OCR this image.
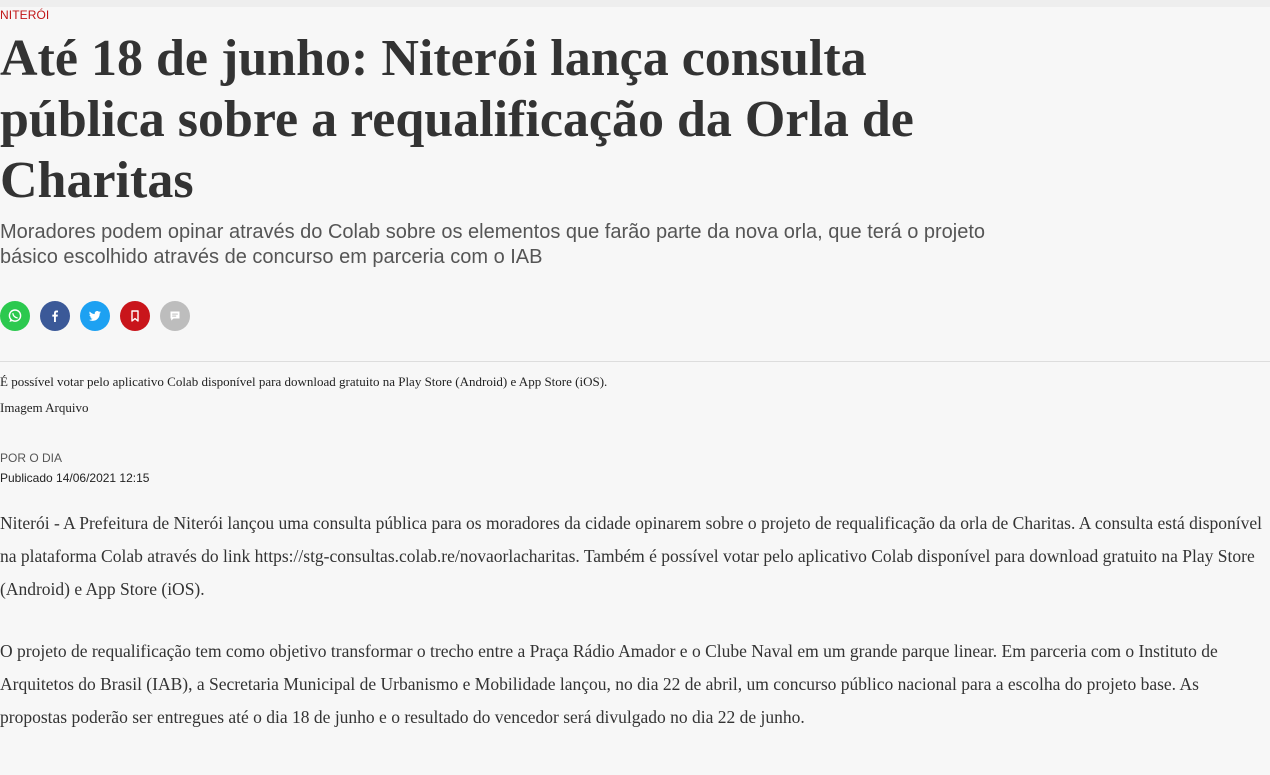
NITERÓI
Até 18 de junho: Niterói lança consulta pública sobre a requalificação da Orla de Charitas

Moradores podem opinar através do Colab sobre os elementos que farão parte da nova orla, que terá o projeto básico escolhido através de concurso em parceria com o IAB

É possível votar pelo aplicativo Colab disponível para download gratuito na Play Store (Android) e App Store (iOS).
Imagem Arquivo
POR O DIA
Publicado 14/06/2021 12:15

Niterói - A Prefeitura de Niterói lançou uma consulta pública para os moradores da cidade opinarem sobre o projeto de requalificação da orla de Charitas. A consulta está disponível na plataforma Colab através do link https://stg-consultas.colab.re/novaorlacharitas. Também é possível votar pelo aplicativo Colab disponível para download gratuito na Play Store (Android) e App Store (iOS).

O projeto de requalificação tem como objetivo transformar o trecho entre a Praça Rádio Amador e o Clube Naval em um grande parque linear. Em parceria com o Instituto de Arquitetos do Brasil (IAB), a Secretaria Municipal de Urbanismo e Mobilidade lançou, no dia 22 de abril, um concurso público nacional para a escolha do projeto base. As propostas poderão ser entregues até o dia 18 de junho e o resultado do vencedor será divulgado no dia 22 de junho.
